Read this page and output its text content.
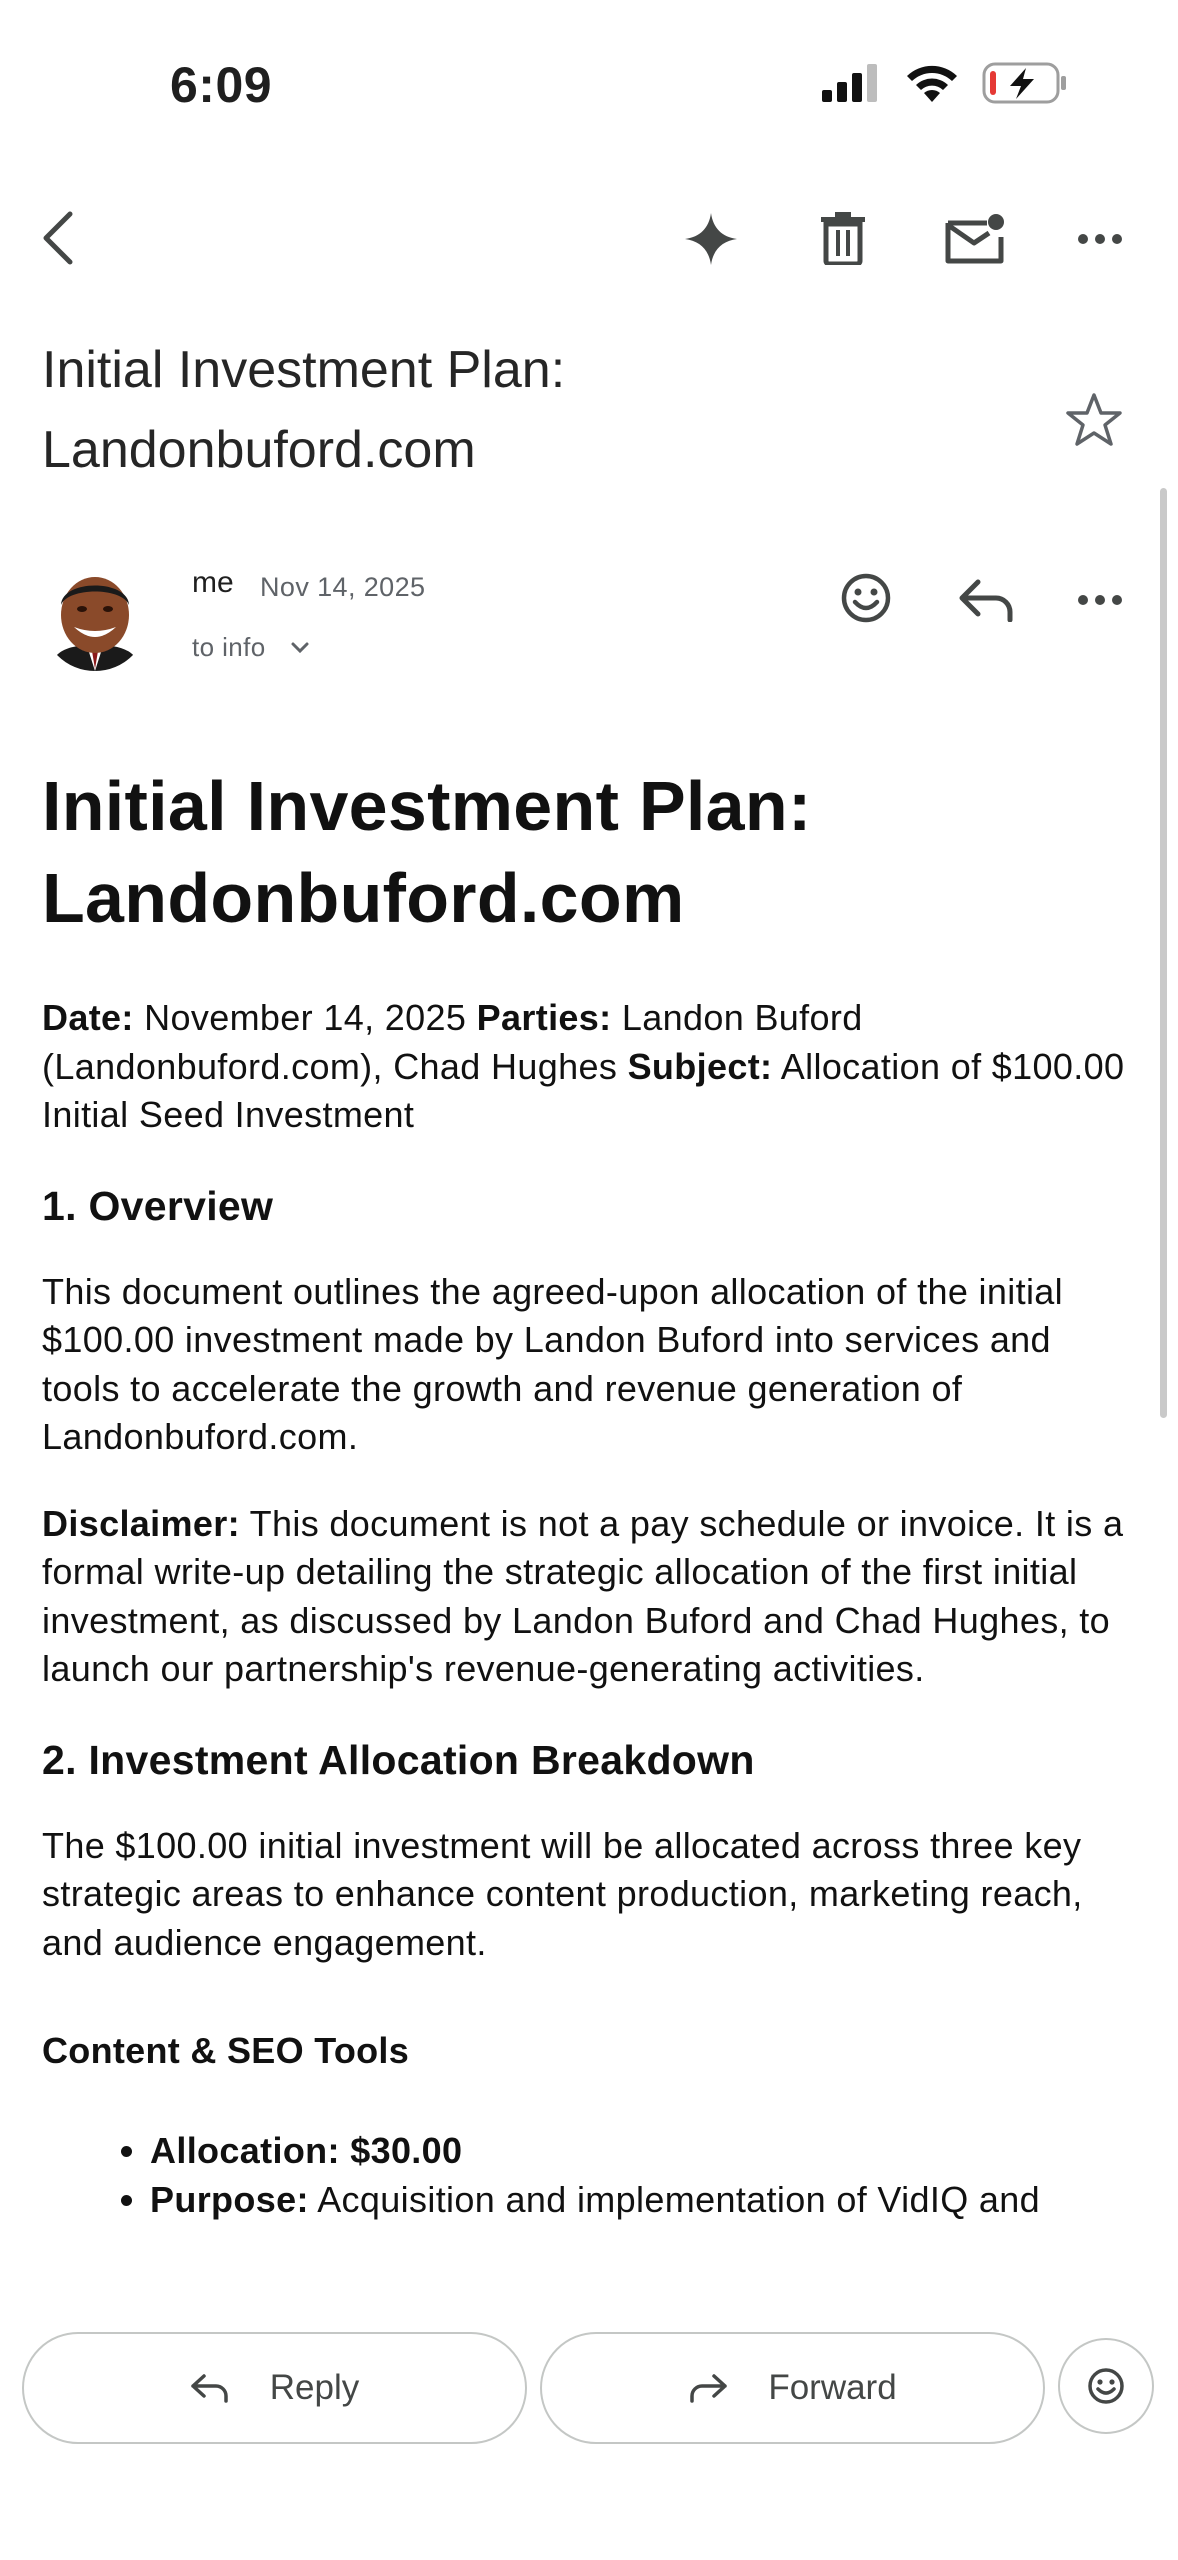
6:09
Initial Investment Plan: Landonbuford.com
me Nov 14, 2025
to info
Initial Investment Plan: Landonbuford.com

Date: November 14, 2025 Parties: Landon Buford (Landonbuford.com), Chad Hughes Subject: Allocation of $100.00 Initial Seed Investment

1. Overview

This document outlines the agreed-upon allocation of the initial $100.00 investment made by Landon Buford into services and tools to accelerate the growth and revenue generation of Landonbuford.com.

Disclaimer: This document is not a pay schedule or invoice. It is a formal write-up detailing the strategic allocation of the first initial investment, as discussed by Landon Buford and Chad Hughes, to launch our partnership's revenue-generating activities.

2. Investment Allocation Breakdown

The $100.00 initial investment will be allocated across three key strategic areas to enhance content production, marketing reach, and audience engagement.

Content & SEO Tools
• Allocation: $30.00
• Purpose: Acquisition and implementation of VidIQ and
Reply	Forward
